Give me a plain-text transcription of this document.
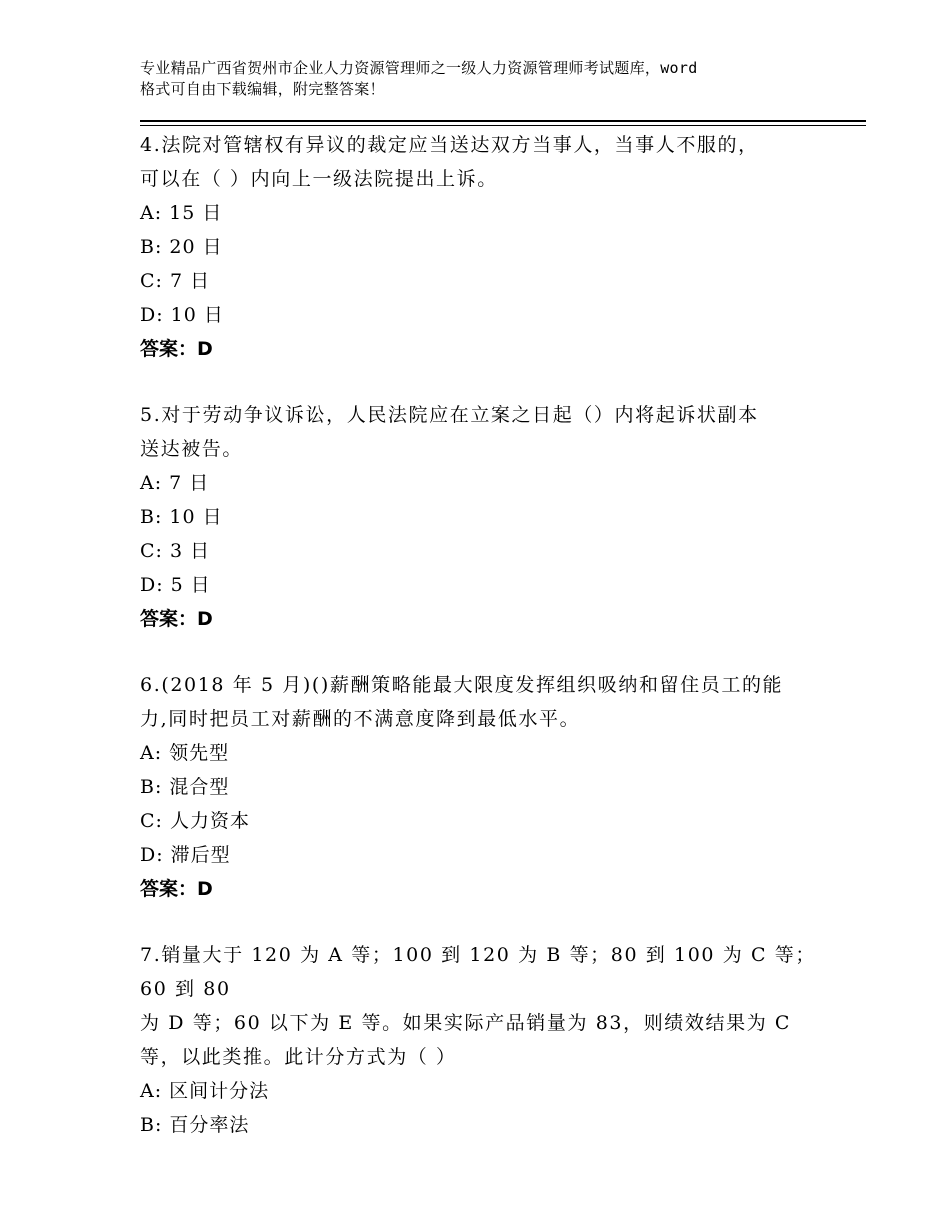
专业精品广西省贺州市企业人力资源管理师之一级人力资源管理师考试题库，word
格式可自由下载编辑，附完整答案！
4.法院对管辖权有异议的裁定应当送达双方当事人，当事人不服的，
可以在（ ）内向上一级法院提出上诉。
A: 15 日
B: 20 日
C: 7 日
D: 10 日
答案：D
5.对于劳动争议诉讼，人民法院应在立案之日起（）内将起诉状副本
送达被告。
A: 7 日
B: 10 日
C: 3 日
D: 5 日
答案：D
6.(2018 年 5 月)()薪酬策略能最大限度发挥组织吸纳和留住员工的能
力,同时把员工对薪酬的不满意度降到最低水平。
A: 领先型
B: 混合型
C: 人力资本
D: 滞后型
答案：D
7.销量大于 120 为 A 等；100 到 120 为 B 等；80 到 100 为 C 等；60 到 80
为 D 等；60 以下为 E 等。如果实际产品销量为 83，则绩效结果为 C
等，以此类推。此计分方式为（ ）
A: 区间计分法
B: 百分率法
